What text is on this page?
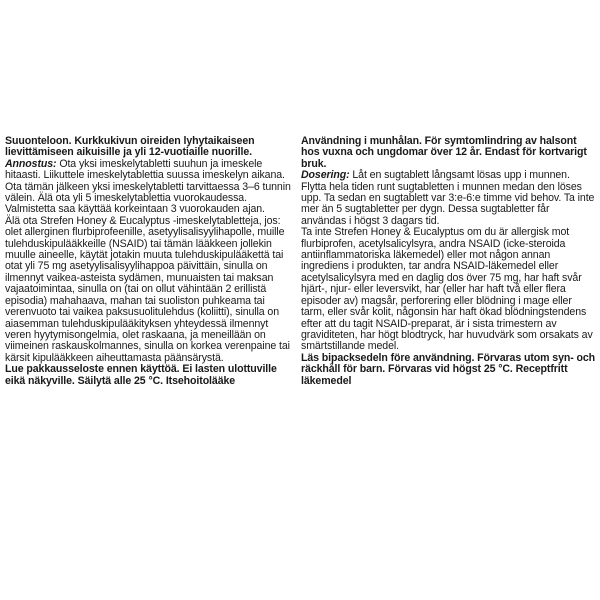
Suuonteloon. Kurkkukivun oireiden lyhytaikaiseen lievittämiseen aikuisille ja yli 12-vuotiaille nuorille.
Annostus: Ota yksi imeskelytabletti suuhun ja imeskele hitaasti. Liikuttele imeskelytablettia suussa imeskelyn aikana. Ota tämän jälkeen yksi imeskelytabletti tarvittaessa 3–6 tunnin välein. Älä ota yli 5 imeskelytablettia vuorokaudessa. Valmistetta saa käyttää korkeintaan 3 vuorokauden ajan.
Älä ota Strefen Honey & Eucalyptus -imeskelytabletteja, jos: olet allerginen flurbiprofeenille, asetyylisalisyylihapolle, muille tulehduskipulääkkeille (NSAID) tai tämän lääkkeen jollekin muulle aineelle, käytät jotakin muuta tulehduskipulääkettä tai otat yli 75 mg asetyylisalisyylihappoa päivittäin, sinulla on ilmennyt vaikea-asteista sydämen, munuaisten tai maksan vajaatoimintaa, sinulla on (tai on ollut vähintään 2 erillistä episodia) mahahaava, mahan tai suoliston puhkeama tai verenvuoto tai vaikea paksusuolitulehdus (koliitti), sinulla on aiasemman tulehduskipulääkityksen yhteydessä ilmennyt veren hyytymisongelmia, olet raskaana, ja meneillään on viimeinen raskauskolmannes, sinulla on korkea verenpaine tai kärsit kipulääkkeen aiheuttamasta päänsärystä.
Lue pakkausseloste ennen käyttöä. Ei lasten ulottuville eikä näkyville. Säilytä alle 25 °C. Itsehoitolääke
Användning i munhålan. För symtomlindring av halsont hos vuxna och ungdomar över 12 år. Endast för kortvarigt bruk.
Dosering: Låt en sugtablett långsamt lösas upp i munnen. Flytta hela tiden runt sugtabletten i munnen medan den löses upp. Ta sedan en sugtablett var 3:e-6:e timme vid behov. Ta inte mer än 5 sugtabletter per dygn. Dessa sugtabletter får användas i högst 3 dagars tid.
Ta inte Strefen Honey & Eucalyptus om du är allergisk mot flurbiprofen, acetylsalicylsyra, andra NSAID (icke-steroida antiinflammatoriska läkemedel) eller mot någon annan ingrediens i produkten, tar andra NSAID-läkemedel eller acetylsalicylsyra med en daglig dos över 75 mg, har haft svår hjärt-, njur- eller leversvikt, har (eller har haft två eller flera episoder av) magsår, perforering eller blödning i mage eller tarm, eller svår kolit, någonsin har haft ökad blödningstendens efter att du tagit NSAID-preparat, är i sista trimestern av graviditeten, har högt blodtryck, har huvudvärk som orsakats av smärtstillande medel.
Läs bipacksedeln före användning. Förvaras utom syn- och räckhåll för barn. Förvaras vid högst 25 °C. Receptfritt läkemedel
